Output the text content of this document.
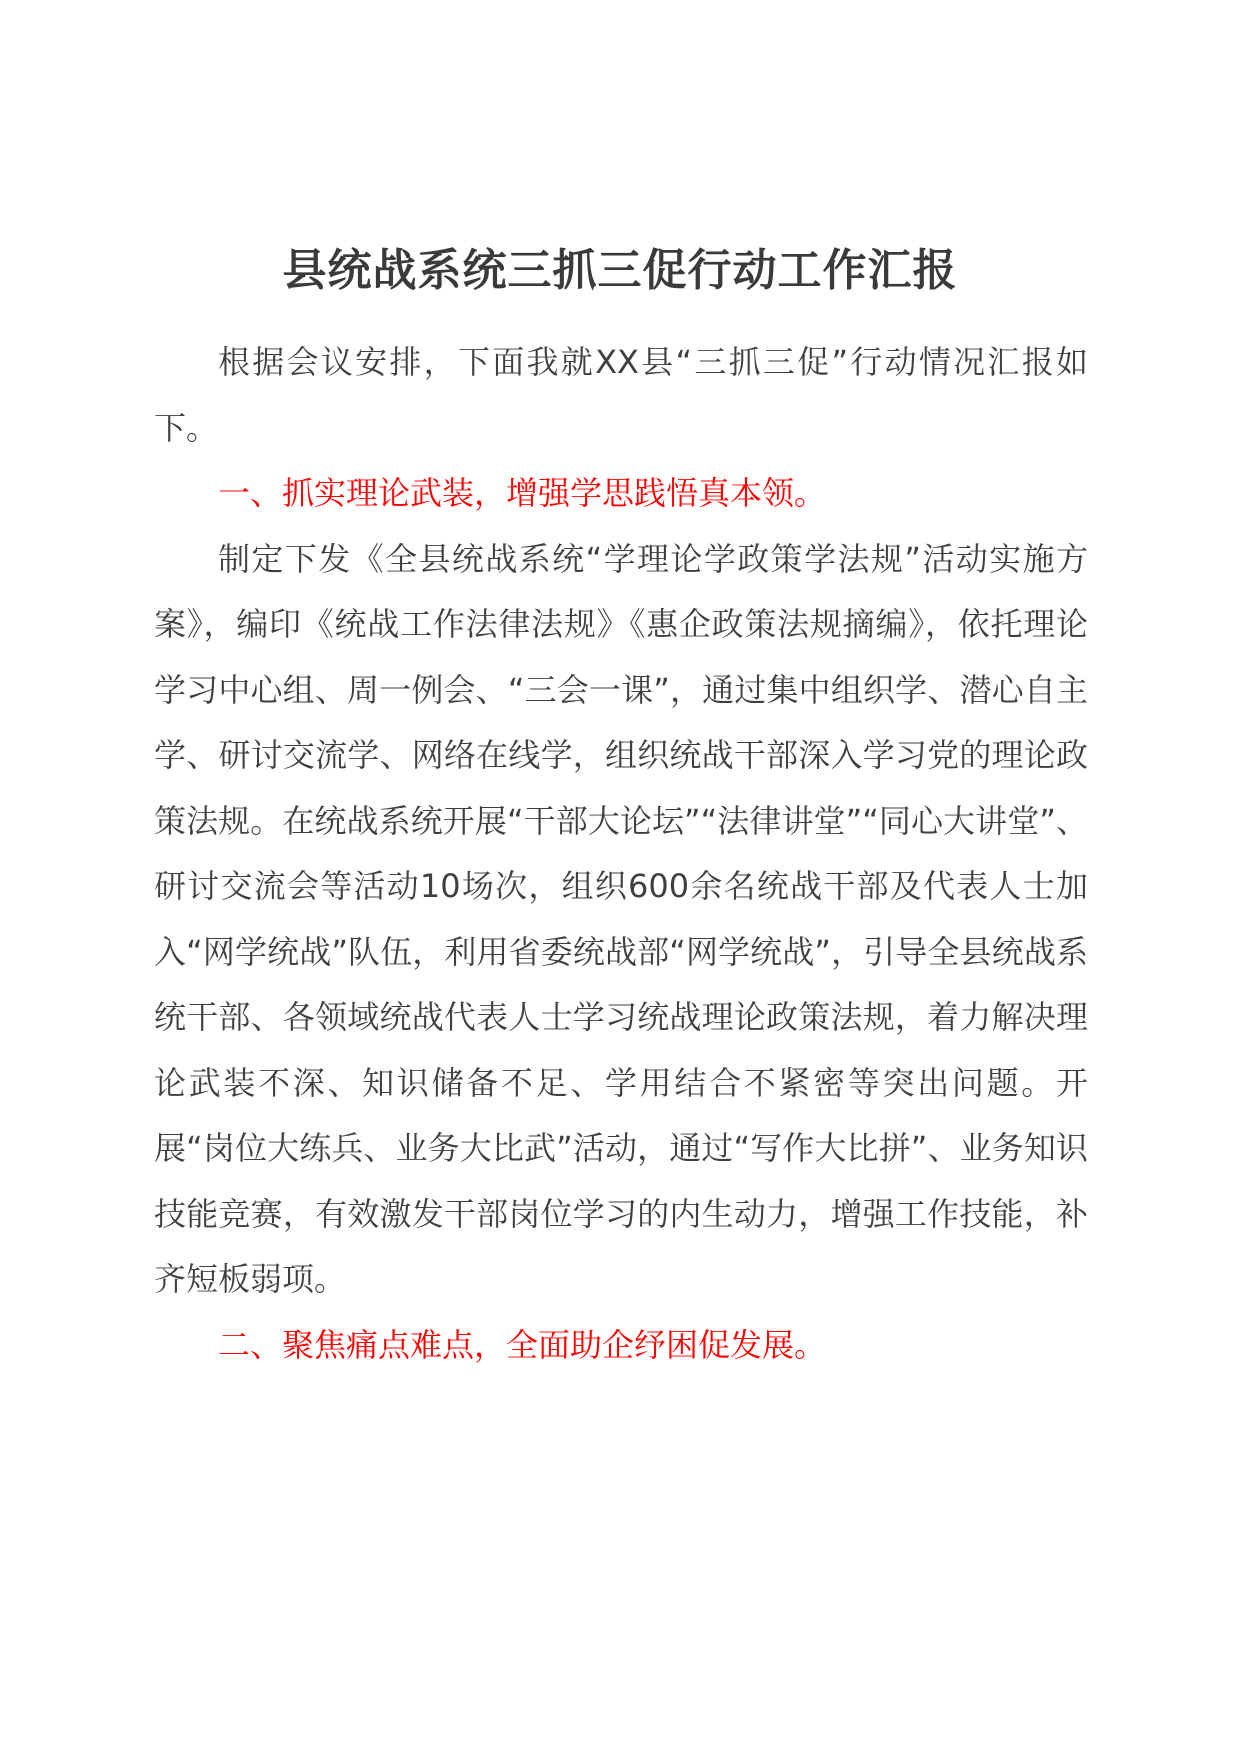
县统战系统三抓三促行动工作汇报

根据会议安排，下面我就XX县“三抓三促”行动情况汇报如下。

一、抓实理论武装，增强学思践悟真本领。

制定下发《全县统战系统“学理论学政策学法规”活动实施方案》，编印《统战工作法律法规》《惠企政策法规摘编》，依托理论学习中心组、周一例会、“三会一课”，通过集中组织学、潜心自主学、研讨交流学、网络在线学，组织统战干部深入学习党的理论政策法规。在统战系统开展“干部大论坛”“法律讲堂”“同心大讲堂”、研讨交流会等活动10场次，组织600余名统战干部及代表人士加入“网学统战”队伍，利用省委统战部“网学统战”，引导全县统战系统干部、各领域统战代表人士学习统战理论政策法规，着力解决理论武装不深、知识储备不足、学用结合不紧密等突出问题。开展“岗位大练兵、业务大比武”活动，通过“写作大比拼”、业务知识技能竞赛，有效激发干部岗位学习的内生动力，增强工作技能，补齐短板弱项。

二、聚焦痛点难点，全面助企纾困促发展。
